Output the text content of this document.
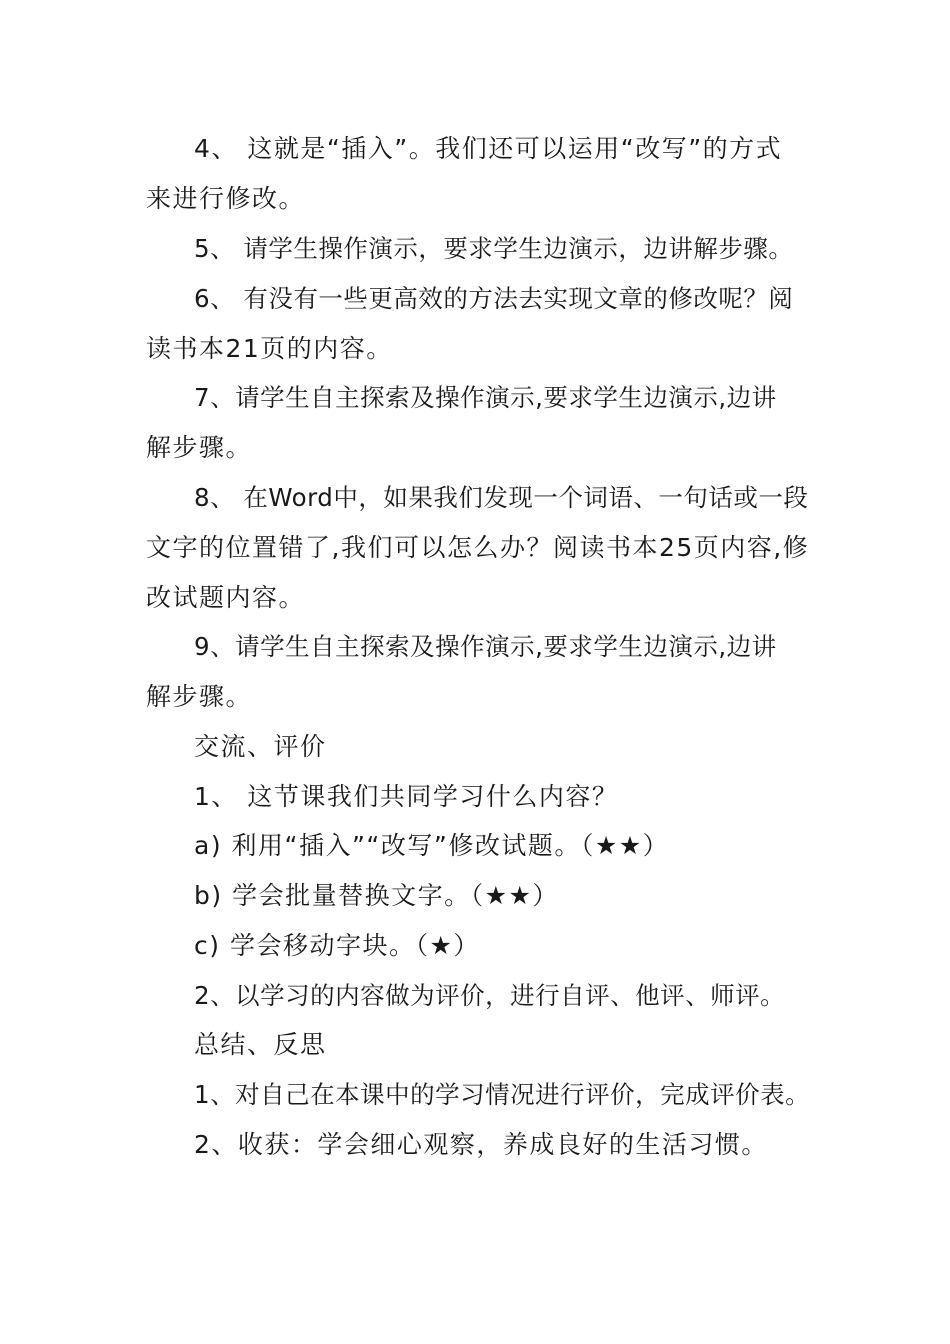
4、 这就是“插入”。我们还可以运用“改写”的方式
来进行修改。
5、 请学生操作演示，要求学生边演示，边讲解步骤。
6、 有没有一些更高效的方法去实现文章的修改呢？阅
读书本21页的内容。
7、请学生自主探索及操作演示,要求学生边演示,边讲
解步骤。
8、 在Word中，如果我们发现一个词语、一句话或一段
文字的位置错了,我们可以怎么办？阅读书本25页内容,修
改试题内容。
9、请学生自主探索及操作演示,要求学生边演示,边讲
解步骤。
交流、评价
1、 这节课我们共同学习什么内容？
a) 利用“插入”“改写”修改试题。（★★）
b) 学会批量替换文字。（★★）
c) 学会移动字块。（★）
2、以学习的内容做为评价，进行自评、他评、师评。
总结、反思
1、对自己在本课中的学习情况进行评价，完成评价表。
2、收获：学会细心观察，养成良好的生活习惯。
